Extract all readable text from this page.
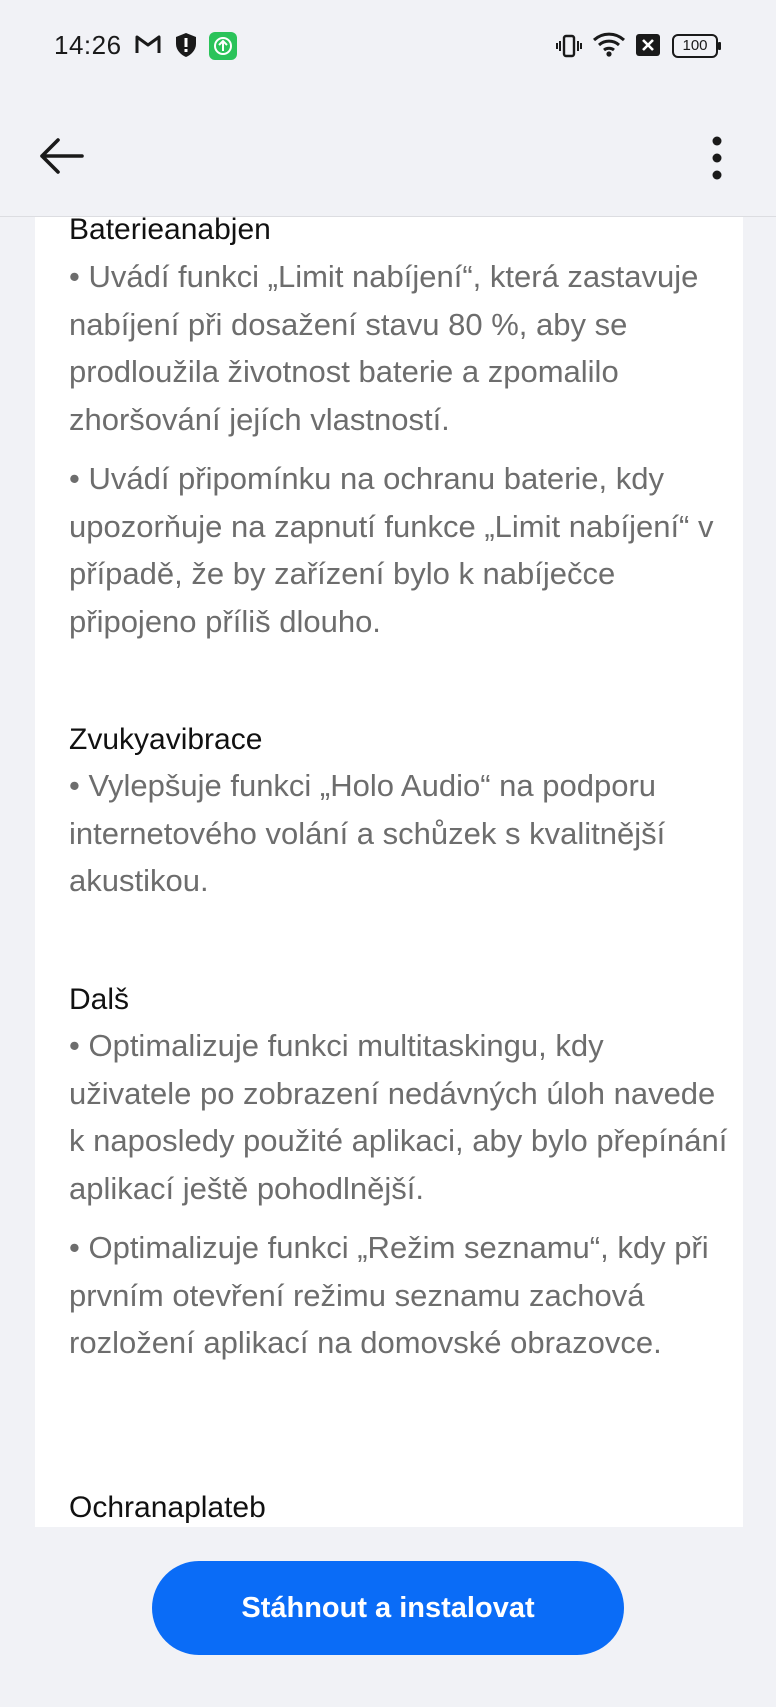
14:26	100
Baterieanabjen

• Uvádí funkci „Limit nabíjení“, která zastavuje nabíjení při dosažení stavu 80 %, aby se prodloužila životnost baterie a zpomalilo zhoršování jejích vlastností.

• Uvádí připomínku na ochranu baterie, kdy upozorňuje na zapnutí funkce „Limit nabíjení“ v případě, že by zařízení bylo k nabíječce připojeno příliš dlouho.

Zvukyavibrace

• Vylepšuje funkci „Holo Audio“ na podporu internetového volání a schůzek s kvalitnější akustikou.

Dalš

• Optimalizuje funkci multitaskingu, kdy uživatele po zobrazení nedávných úloh navede k naposledy použité aplikaci, aby bylo přepínání aplikací ještě pohodlnější.

• Optimalizuje funkci „Režim seznamu“, kdy při prvním otevření režimu seznamu zachová rozložení aplikací na domovské obrazovce.

Ochranaplateb
Stáhnout a instalovat
